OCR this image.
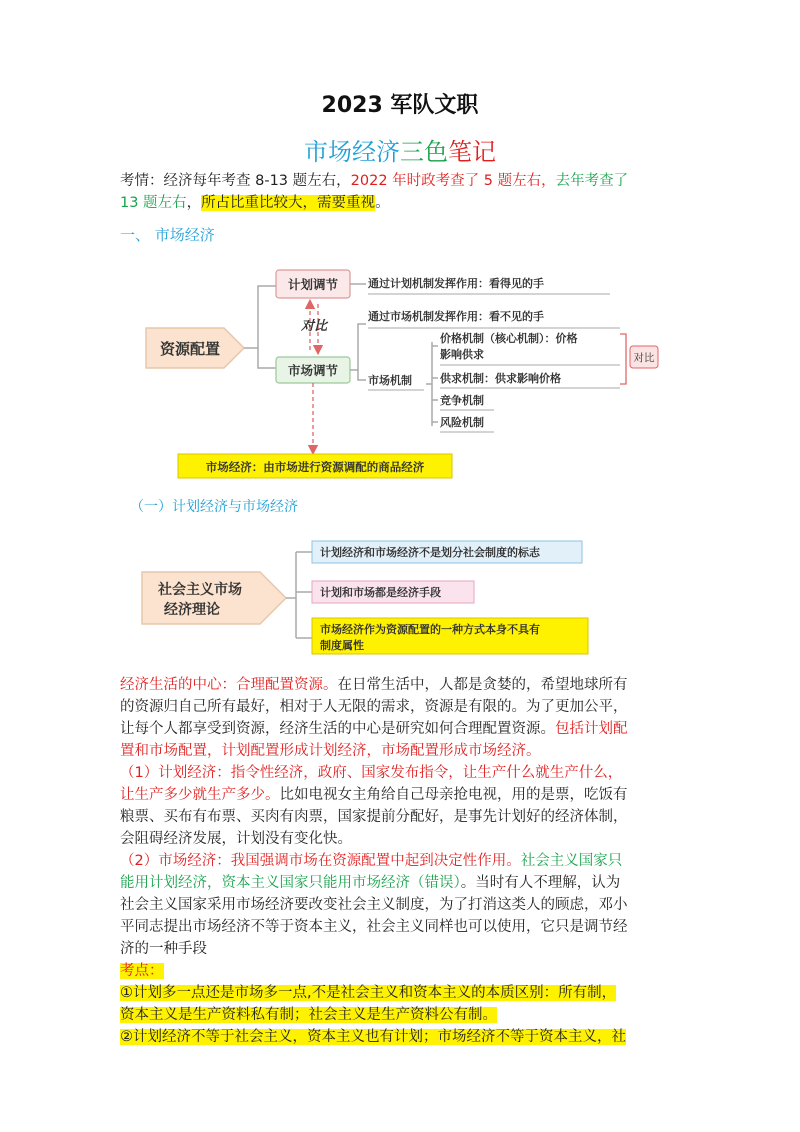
2023 军队文职
市场经济三色笔记
考情：经济每年考查 8-13 题左右，2022 年时政考查了 5 题左右，去年考查了
13 题左右，所占比重比较大，需要重视。
一、 市场经济
资源配置
计划调节
市场调节
对比
通过计划机制发挥作用：看得见的手
通过市场机制发挥作用：看不见的手
市场机制
价格机制（核心机制）：价格
影响供求
供求机制：供求影响价格
竞争机制
风险机制
对比
市场经济：由市场进行资源调配的商品经济
（一）计划经济与市场经济
社会主义市场
经济理论
计划经济和市场经济不是划分社会制度的标志
计划和市场都是经济手段
市场经济作为资源配置的一种方式本身不具有
制度属性
经济生活的中心：合理配置资源。在日常生活中，人都是贪婪的，希望地球所有
的资源归自己所有最好，相对于人无限的需求，资源是有限的。为了更加公平，
让每个人都享受到资源，经济生活的中心是研究如何合理配置资源。包括计划配
置和市场配置，计划配置形成计划经济，市场配置形成市场经济。
（1）计划经济：指令性经济，政府、国家发布指令，让生产什么就生产什么，
让生产多少就生产多少。比如电视女主角给自己母亲抢电视，用的是票，吃饭有
粮票、买布有布票、买肉有肉票，国家提前分配好，是事先计划好的经济体制，
会阻碍经济发展，计划没有变化快。
（2）市场经济：我国强调市场在资源配置中起到决定性作用。社会主义国家只
能用计划经济，资本主义国家只能用市场经济（错误）。当时有人不理解，认为
社会主义国家采用市场经济要改变社会主义制度，为了打消这类人的顾虑，邓小
平同志提出市场经济不等于资本主义，社会主义同样也可以使用，它只是调节经
济的一种手段
考点：
①计划多一点还是市场多一点,不是社会主义和资本主义的本质区别：所有制，
资本主义是生产资料私有制；社会主义是生产资料公有制。
②计划经济不等于社会主义，资本主义也有计划；市场经济不等于资本主义，社
